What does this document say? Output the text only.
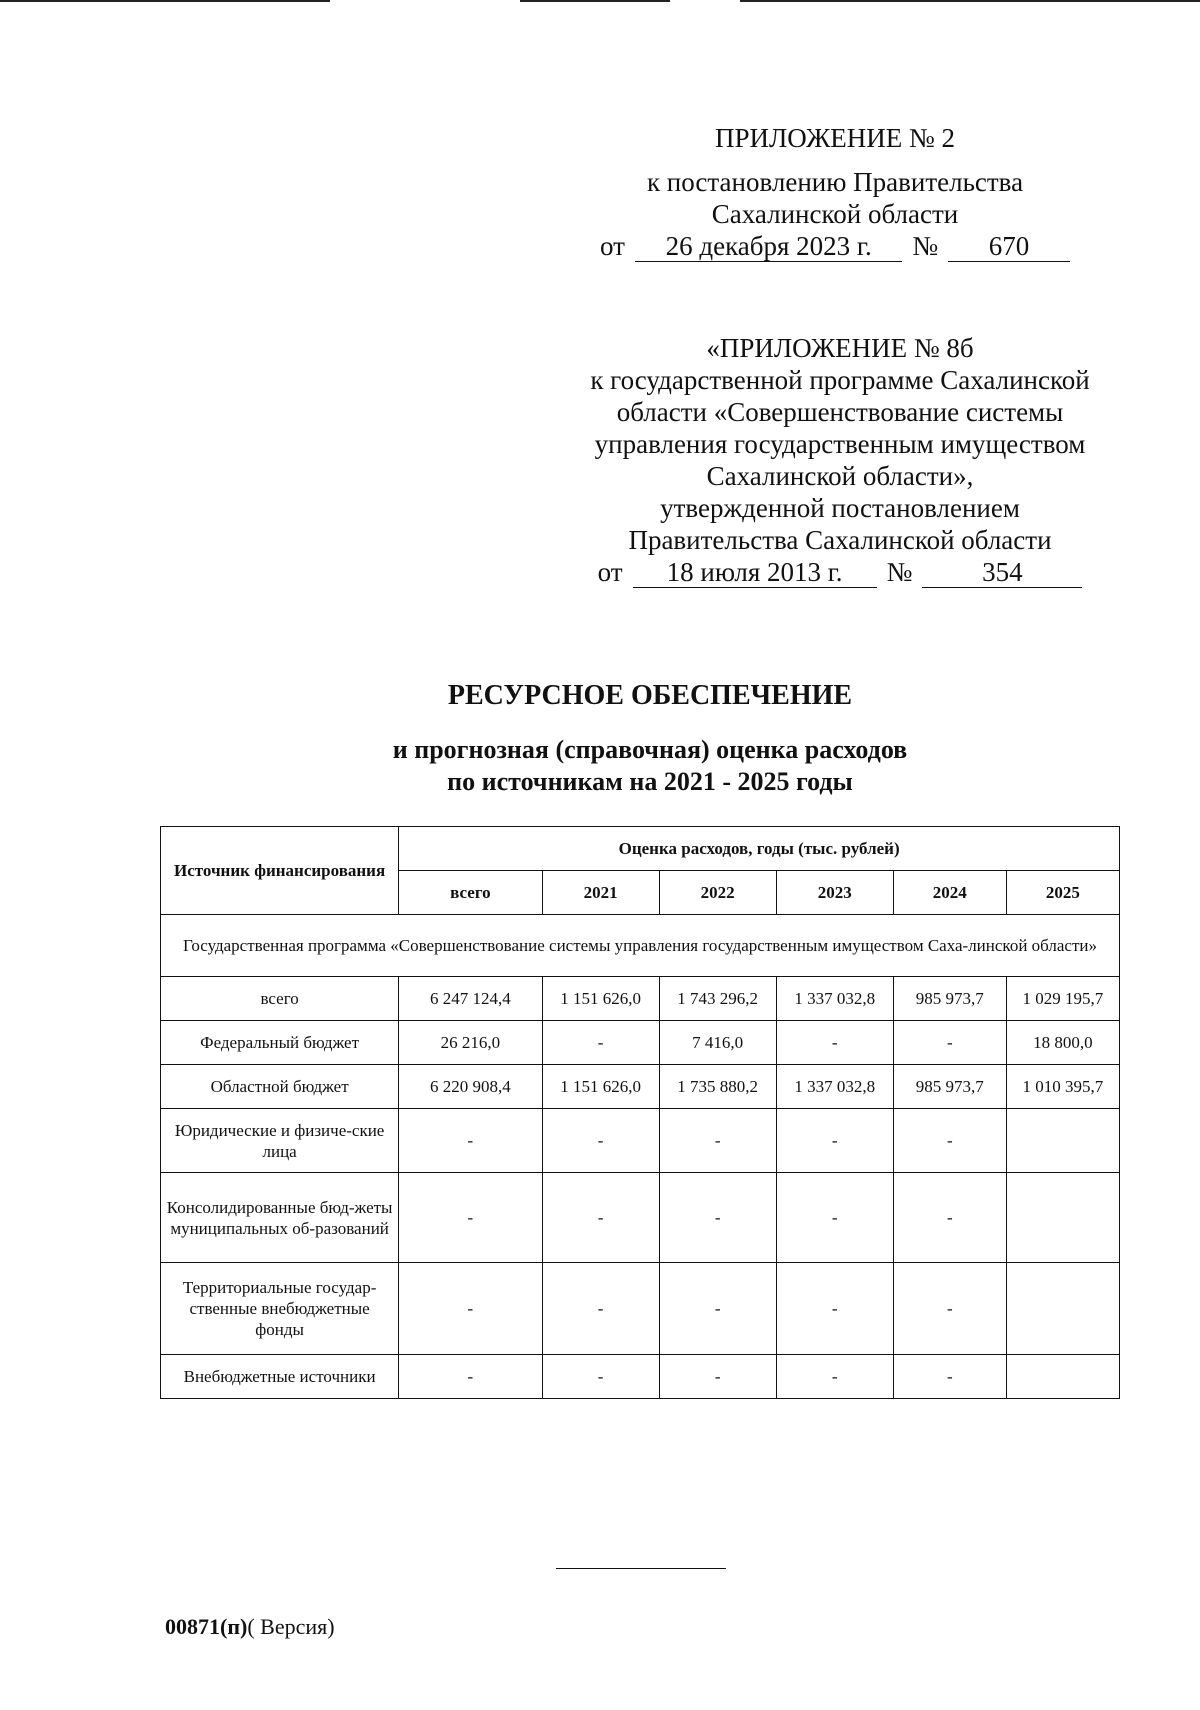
ПРИЛОЖЕНИЕ № 2
к постановлению Правительства
Сахалинской области
от	26 декабря 2023 г.	№	670
«ПРИЛОЖЕНИЕ № 8б
к государственной программе Сахалинской
области «Совершенствование системы
управления государственным имуществом
Сахалинской области»,
утвержденной постановлением
Правительства Сахалинской области
от	18 июля 2013 г.	№	354
РЕСУРСНОЕ ОБЕСПЕЧЕНИЕ
и прогнозная (справочная) оценка расходов
по источникам на 2021 - 2025 годы
Источник финансирования	Оценка расходов, годы (тыс. рублей)					
	всего	2021	2022	2023	2024	2025
Государственная программа «Совершенствование системы управления государственным имуществом Саха-линской области»						
всего	6 247 124,4	1 151 626,0	1 743 296,2	1 337 032,8	985 973,7	1 029 195,7
Федеральный бюджет	26 216,0	-	7 416,0	-	-	18 800,0
Областной бюджет	6 220 908,4	1 151 626,0	1 735 880,2	1 337 032,8	985 973,7	1 010 395,7
Юридические и физиче-ские лица	-	-	-	-	-	
Консолидированные бюд-жеты муниципальных об-разований	-	-	-	-	-	
Территориальные государ-ственные внебюджетные фонды	-	-	-	-	-	
Внебюджетные источники	-	-	-	-	-	
00871(п)( Версия)
